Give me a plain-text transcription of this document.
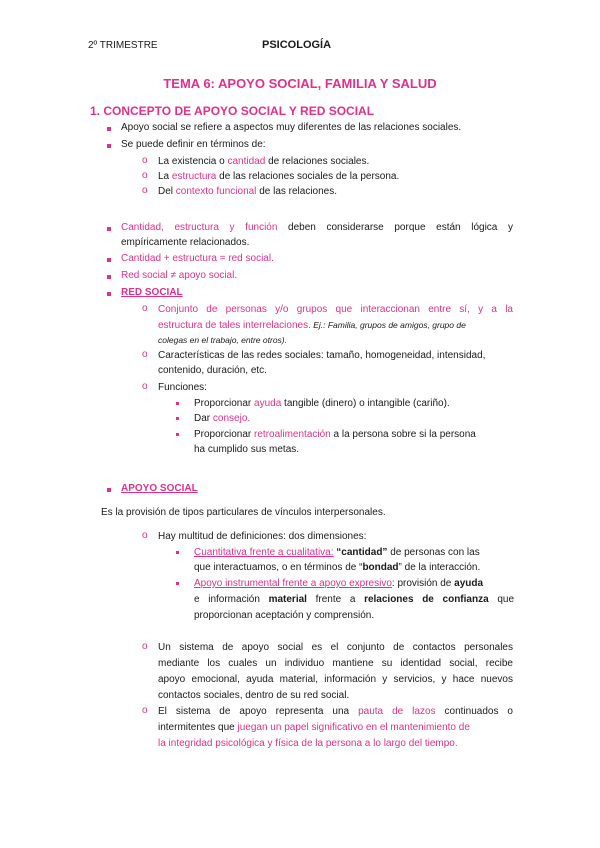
2º TRIMESTRE	PSICOLOGÍA
TEMA 6: APOYO SOCIAL, FAMILIA Y SALUD
1. CONCEPTO DE APOYO SOCIAL Y RED SOCIAL
Apoyo social se refiere a aspectos muy diferentes de las relaciones sociales.
Se puede definir en términos de:
o La existencia o cantidad de relaciones sociales.
o La estructura de las relaciones sociales de la persona.
o Del contexto funcional de las relaciones.
Cantidad, estructura y función deben considerarse porque están lógica y
empíricamente relacionados.
Cantidad + estructura = red social.
Red social ≠ apoyo social.
RED SOCIAL
o Conjunto de personas y/o grupos que interaccionan entre sí, y a la
estructura de tales interrelaciones. Ej.: Familia, grupos de amigos, grupo de
colegas en el trabajo, entre otros).
o Características de las redes sociales: tamaño, homogeneidad, intensidad,
contenido, duración, etc.
o Funciones:
Proporcionar ayuda tangible (dinero) o intangible (cariño).
Dar consejo.
Proporcionar retroalimentación a la persona sobre si la persona
ha cumplido sus metas.
APOYO SOCIAL
Es la provisión de tipos particulares de vínculos interpersonales.
o Hay multitud de definiciones: dos dimensiones:
Cuantitativa frente a cualitativa: “cantidad” de personas con las
que interactuamos, o en términos de “bondad” de la interacción.
Apoyo instrumental frente a apoyo expresivo: provisión de ayuda
e información material frente a relaciones de confianza que
proporcionan aceptación y comprensión.
o Un sistema de apoyo social es el conjunto de contactos personales
mediante los cuales un individuo mantiene su identidad social, recibe
apoyo emocional, ayuda material, información y servicios, y hace nuevos
contactos sociales, dentro de su red social.
o El sistema de apoyo representa una pauta de lazos continuados o
intermitentes que juegan un papel significativo en el mantenimiento de
la integridad psicológica y física de la persona a lo largo del tiempo.
